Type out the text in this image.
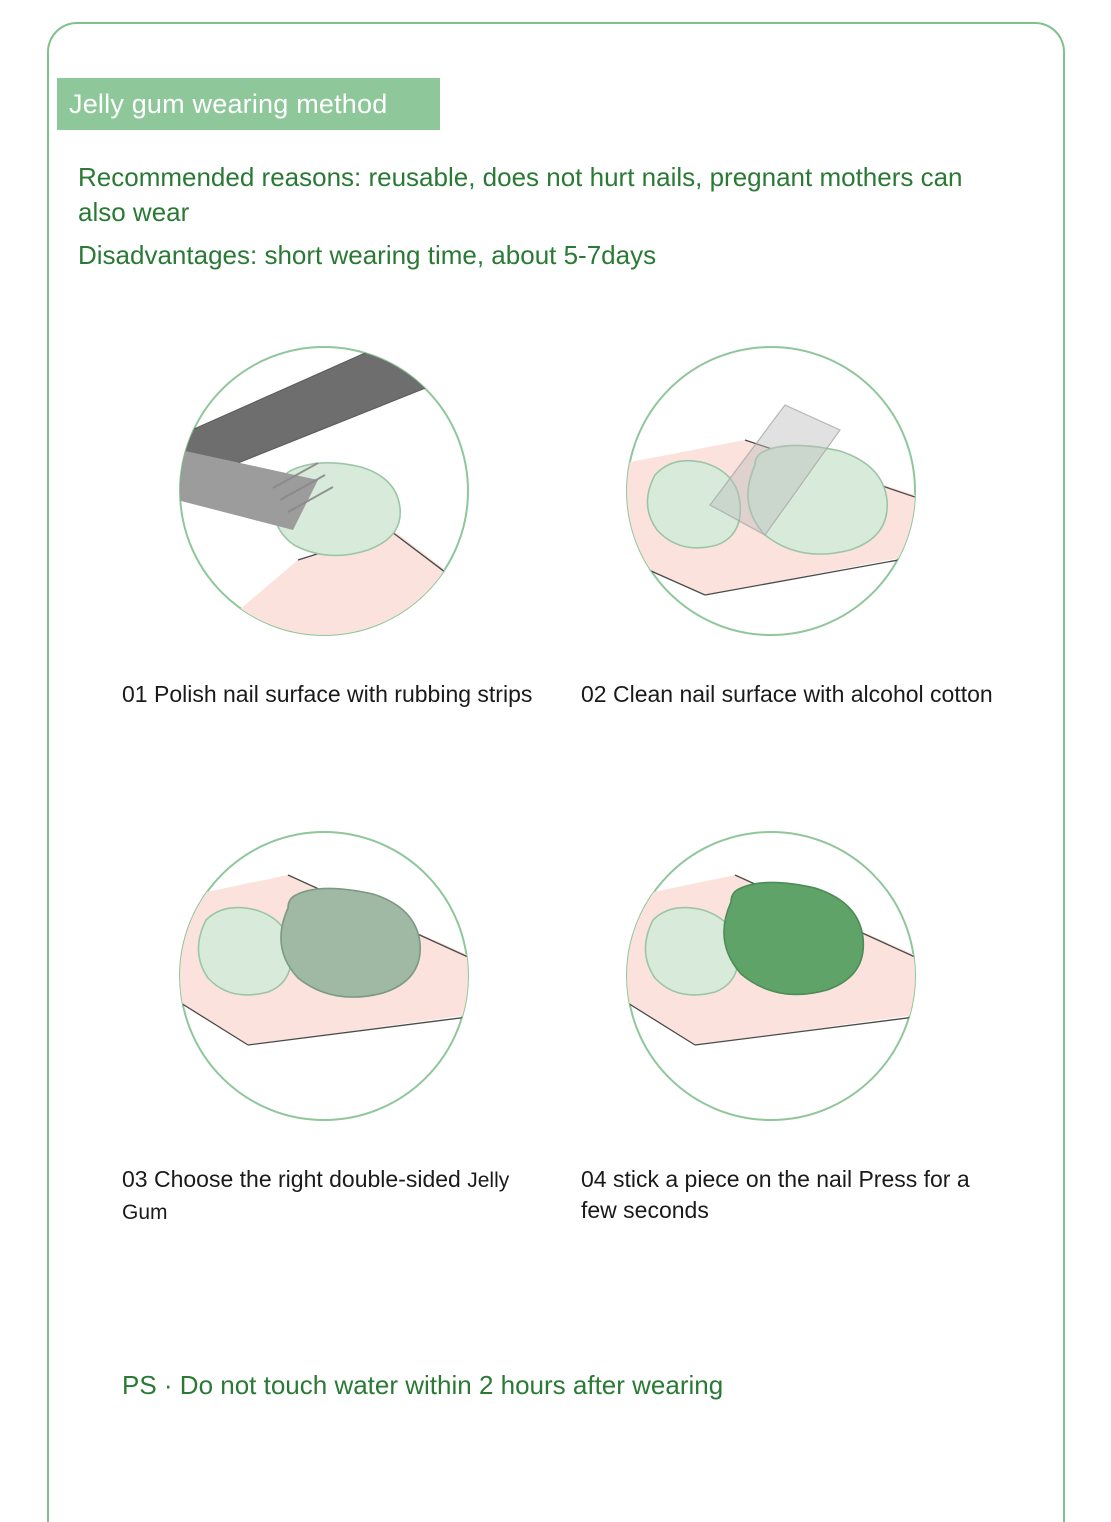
Jelly gum wearing method
Recommended reasons: reusable, does not hurt nails, pregnant mothers can also wear
Disadvantages: short wearing time, about 5-7days
01 Polish nail surface with rubbing strips	02 Clean nail surface with alcohol cotton
03 Choose the right double-sided Jelly Gum
04 stick a piece on the nail Press for a few seconds
PS · Do not touch water within 2 hours after wearing
